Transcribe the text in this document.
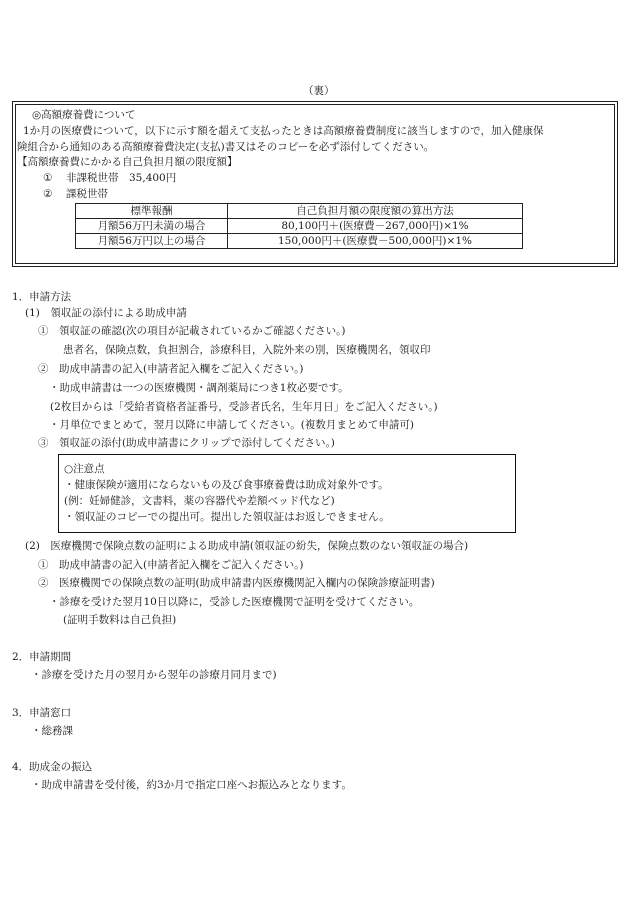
（裏）
◎高額療養費について
1か月の医療費について，以下に示す額を超えて支払ったときは高額療養費制度に該当しますので，加入健康保
険組合から通知のある高額療養費決定(支払)書又はそのコピーを必ず添付してください。
【高額療養費にかかる自己負担月額の限度額】
① 非課税世帯　35,400円
② 課税世帯
標準報酬	自己負担月額の限度額の算出方法
月額56万円未満の場合	80,100円＋(医療費－267,000円)×1%
月額56万円以上の場合	150,000円＋(医療費－500,000円)×1%
1．申請方法
(1)　領収証の添付による助成申請
①　領収証の確認(次の項目が記載されているかご確認ください。)
患者名，保険点数，負担割合，診療科目，入院外来の別，医療機関名，領収印
②　助成申請書の記入(申請者記入欄をご記入ください。)
・助成申請書は一つの医療機関・調剤薬局につき1枚必要です。
(2枚目からは「受給者資格者証番号，受診者氏名，生年月日」をご記入ください。)
・月単位でまとめて，翌月以降に申請してください。(複数月まとめて申請可)
③　領収証の添付(助成申請書にクリップで添付してください。)
○注意点
・健康保険が適用にならないもの及び食事療養費は助成対象外です。
(例：妊婦健診，文書料，薬の容器代や差額ベッド代など)
・領収証のコピーでの提出可。提出した領収証はお返しできません。
(2)　医療機関で保険点数の証明による助成申請(領収証の紛失，保険点数のない領収証の場合)
①　助成申請書の記入(申請者記入欄をご記入ください。)
②　医療機関での保険点数の証明(助成申請書内医療機関記入欄内の保険診療証明書)
・診療を受けた翌月10日以降に，受診した医療機関で証明を受けてください。
(証明手数料は自己負担)
2．申請期間
・診療を受けた月の翌月から翌年の診療月同月まで)
3．申請窓口
・総務課
4．助成金の振込
・助成申請書を受付後，約3か月で指定口座へお振込みとなります。
